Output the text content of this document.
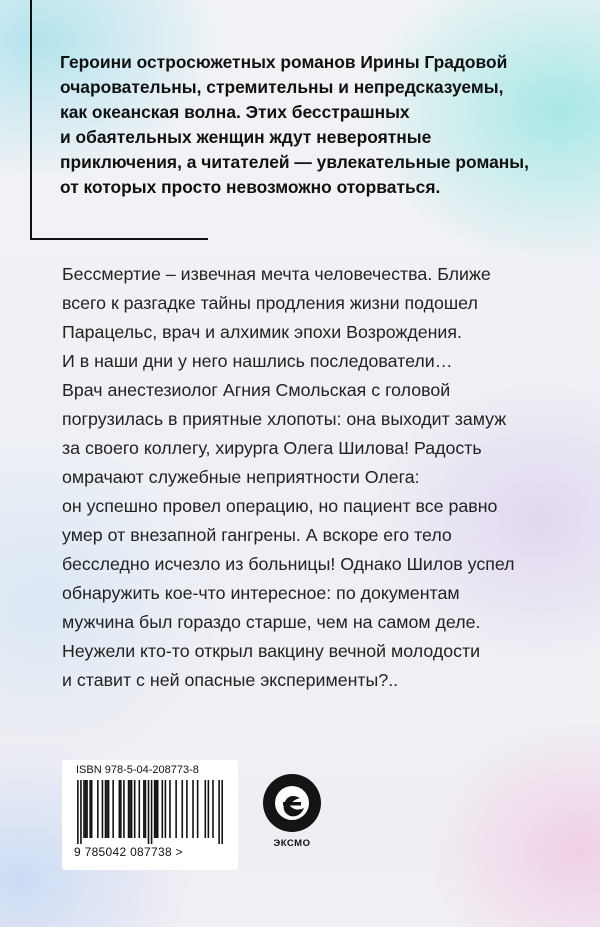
Героини остросюжетных романов Ирины Градовой
очаровательны, стремительны и непредсказуемы,
как океанская волна. Этих бесстрашных
и обаятельных женщин ждут невероятные
приключения, а читателей — увлекательные романы,
от которых просто невозможно оторваться.
Бессмертие – извечная мечта человечества. Ближе
всего к разгадке тайны продления жизни подошел
Парацельс, врач и алхимик эпохи Возрождения.
И в наши дни у него нашлись последователи…
Врач анестезиолог Агния Смольская с головой
погрузилась в приятные хлопоты: она выходит замуж
за своего коллегу, хирурга Олега Шилова! Радость
омрачают служебные неприятности Олега:
он успешно провел операцию, но пациент все равно
умер от внезапной гангрены. А вскоре его тело
бесследно исчезло из больницы! Однако Шилов успел
обнаружить кое-что интересное: по документам
мужчина был гораздо старше, чем на самом деле.
Неужели кто-то открыл вакцину вечной молодости
и ставит с ней опасные эксперименты?..
ISBN 978-5-04-208773-8
9 785042 087738 >
ЭКСМО
